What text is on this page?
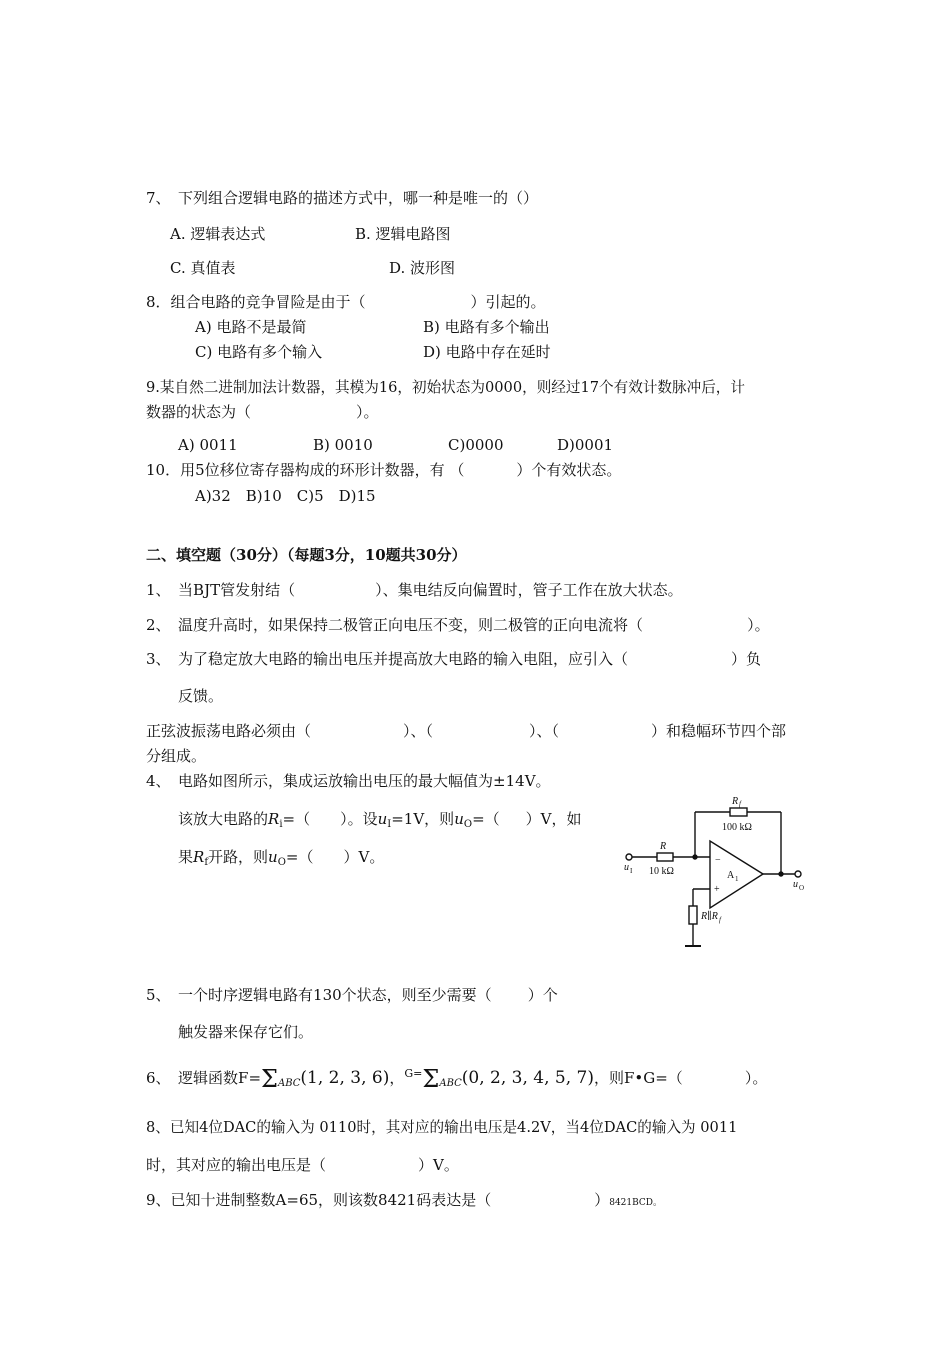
7、　下列组合逻辑电路的描述方式中，哪一种是唯一的（）
A. 逻辑表达式	B. 逻辑电路图
C. 真值表	D. 波形图
8．组合电路的竞争冒险是由于（	）引起的。
A) 电路不是最简	B) 电路有多个输出
C) 电路有多个输入	D) 电路中存在延时
9.某自然二进制加法计数器，其模为16，初始状态为0000，则经过17个有效计数脉冲后，计
数器的状态为（	）。
A) 0011	B) 0010	C)0000	D)0001
10．用5位移位寄存器构成的环形计数器，有 （	）个有效状态。
A)32　B)10　C)5　D)15
二、填空题（30分）（每题3分，10题共30分）
1、　当BJT管发射结（	）、集电结反向偏置时，管子工作在放大状态。
2、　温度升高时，如果保持二极管正向电压不变，则二极管的正向电流将（	）。
3、　为了稳定放大电路的输出电压并提高放大电路的输入电阻，应引入（	）负
反馈。
正弦波振荡电路必须由（	）、（	）、（	）和稳幅环节四个部
分组成。
4、　电路如图所示，集成运放输出电压的最大幅值为±14V。
该放大电路的$R_i=$（ ）。设$u_I=1V$，则$u_O=$（ ）V，如
果$R_f$开路，则$u_O=$（ ）V。
R f
100 kΩ
R
10 kΩ
u I
−
+
A 1	u O
R∥R f
5、　一个时序逻辑电路有130个状态，则至少需要（ ）个
触发器来保存它们。
6、　逻辑函数$F=\Sigma_{ABC}(1$, 2, 3, 6)，$^{G=}\Sigma_{ABC}(0$, 2, 3, 4, 5, 7)，则F•G=（	）。
8、已知4位DAC的输入为 0110时，其对应的输出电压是4.2V，当4位DAC的输入为 0011
时，其对应的输出电压是（	）V。
9、已知十进制整数A=65，则该数8421码表达是（	）8421BCD。
